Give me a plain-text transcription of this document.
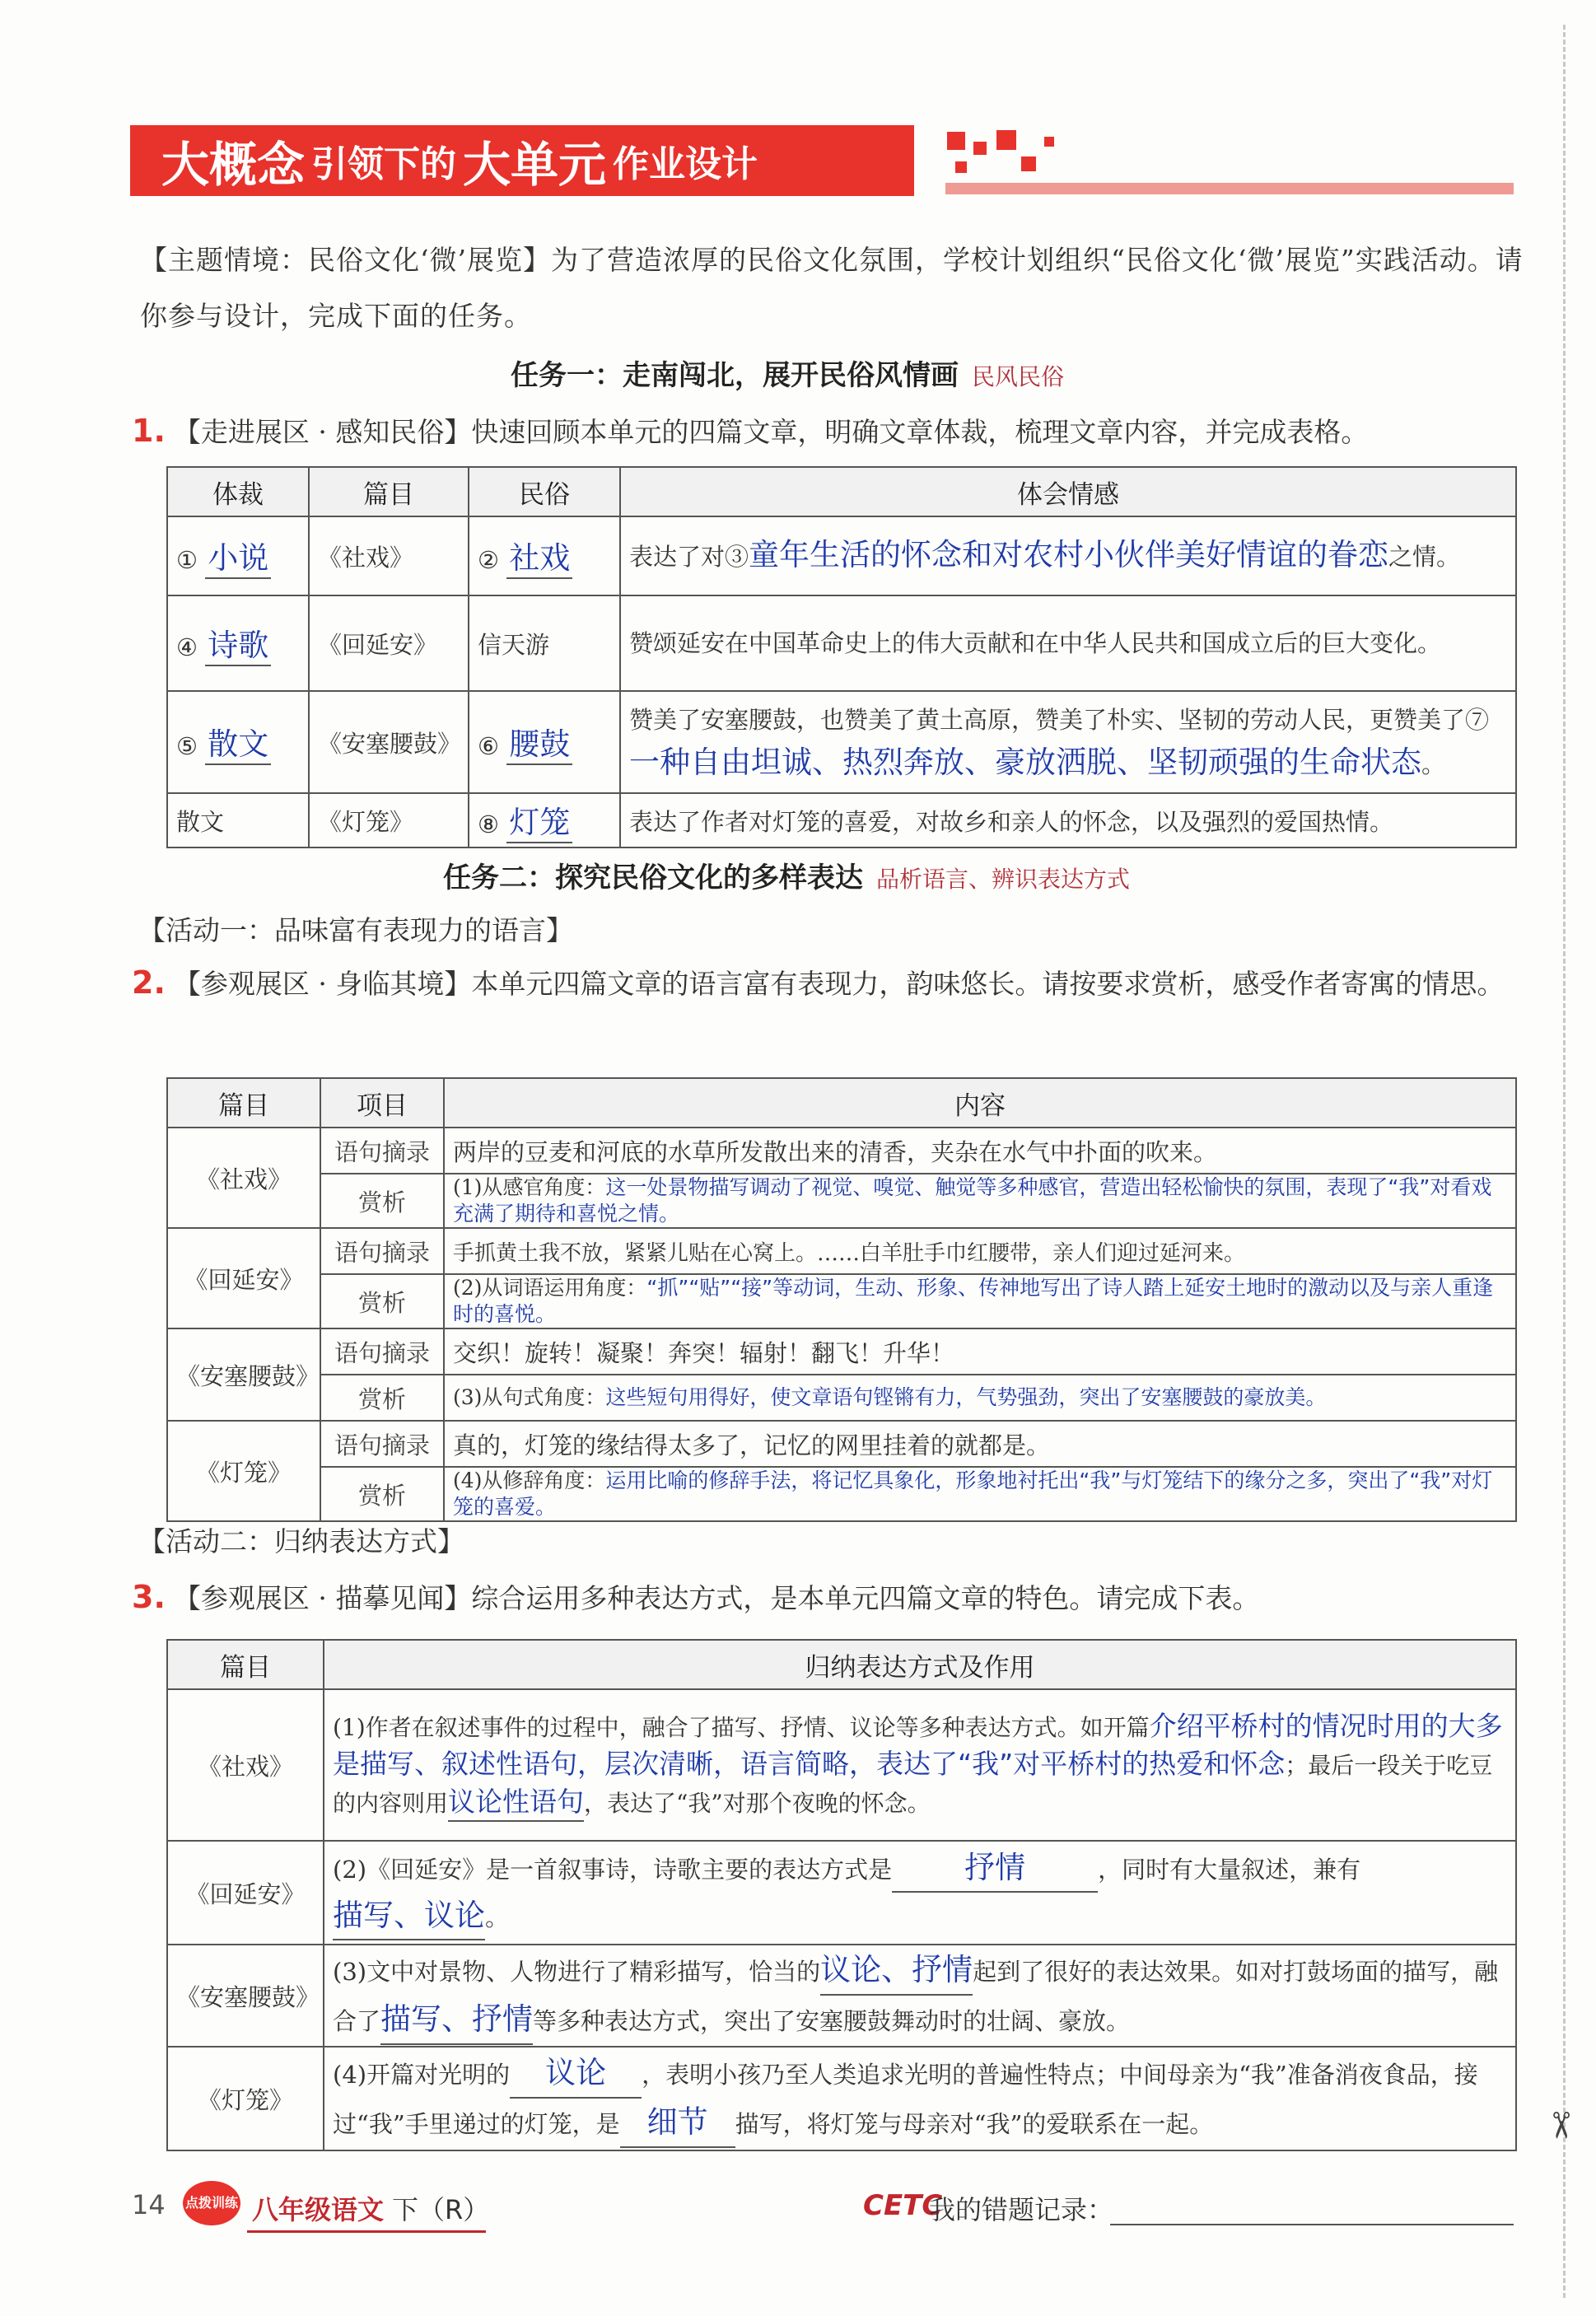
✂
大概念 引领下的 大单元 作业设计
【主题情境：民俗文化‘微’展览】为了营造浓厚的民俗文化氛围，学校计划组织“民俗文化‘微’展览”实践活动。请你参与设计，完成下面的任务。
任务一：走南闯北，展开民俗风情画 民风民俗
1. 【走进展区 · 感知民俗】快速回顾本单元的四篇文章，明确文章体裁，梳理文章内容，并完成表格。
体裁	篇目	民俗	体会情感
① 小说	《社戏》	② 社戏	表达了对③童年生活的怀念和对农村小伙伴美好情谊的眷恋之情。
④ 诗歌	《回延安》	信天游	赞颂延安在中国革命史上的伟大贡献和在中华人民共和国成立后的巨大变化。
⑤ 散文	《安塞腰鼓》	⑥ 腰鼓	赞美了安塞腰鼓，也赞美了黄土高原，赞美了朴实、坚韧的劳动人民，更赞美了⑦一种自由坦诚、热烈奔放、豪放洒脱、坚韧顽强的生命状态。
散文	《灯笼》	⑧ 灯笼	表达了作者对灯笼的喜爱，对故乡和亲人的怀念，以及强烈的爱国热情。
任务二：探究民俗文化的多样表达 品析语言、辨识表达方式
【活动一：品味富有表现力的语言】
2. 【参观展区 · 身临其境】本单元四篇文章的语言富有表现力，韵味悠长。请按要求赏析，感受作者寄寓的情思。
篇目	项目	内容
《社戏》	语句摘录	两岸的豆麦和河底的水草所发散出来的清香，夹杂在水气中扑面的吹来。
	赏析	(1)从感官角度：这一处景物描写调动了视觉、嗅觉、触觉等多种感官，营造出轻松愉快的氛围，表现了“我”对看戏充满了期待和喜悦之情。
《回延安》	语句摘录	手抓黄土我不放，紧紧儿贴在心窝上。……白羊肚手巾红腰带，亲人们迎过延河来。
	赏析	(2)从词语运用角度：“抓”“贴”“接”等动词，生动、形象、传神地写出了诗人踏上延安土地时的激动以及与亲人重逢时的喜悦。
《安塞腰鼓》	语句摘录	交织！旋转！凝聚！奔突！辐射！翻飞！升华！
	赏析	(3)从句式角度：这些短句用得好，使文章语句铿锵有力，气势强劲，突出了安塞腰鼓的豪放美。
《灯笼》	语句摘录	真的，灯笼的缘结得太多了，记忆的网里挂着的就都是。
	赏析	(4)从修辞角度：运用比喻的修辞手法，将记忆具象化，形象地衬托出“我”与灯笼结下的缘分之多，突出了“我”对灯笼的喜爱。
【活动二：归纳表达方式】
3. 【参观展区 · 描摹见闻】综合运用多种表达方式，是本单元四篇文章的特色。请完成下表。
篇目	归纳表达方式及作用
《社戏》	(1)作者在叙述事件的过程中，融合了描写、抒情、议论等多种表达方式。如开篇介绍平桥村的情况时用的大多是描写、叙述性语句，层次清晰，语言简略，表达了“我”对平桥村的热爱和怀念；最后一段关于吃豆的内容则用议论性语句，表达了“我”对那个夜晚的怀念。
《回延安》	(2)《回延安》是一首叙事诗，诗歌主要的表达方式是 抒情 ，同时有大量叙述，兼有描写、议论。
《安塞腰鼓》	(3)文中对景物、人物进行了精彩描写，恰当的议论、抒情起到了很好的表达效果。如对打鼓场面的描写，融合了描写、抒情等多种表达方式，突出了安塞腰鼓舞动时的壮阔、豪放。
《灯笼》	(4)开篇对光明的 议论 ，表明小孩乃至人类追求光明的普遍性特点；中间母亲为“我”准备消夜食品，接过“我”手里递过的灯笼，是 细节 描写，将灯笼与母亲对“我”的爱联系在一起。
14 点拨训练 八年级语文 下（R）	CETC
我的错题记录：
